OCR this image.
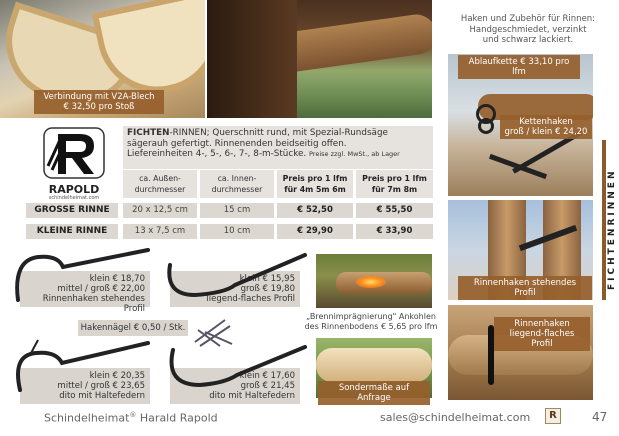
Verbindung mit V2A-Blech
€ 32,50 pro Stoß
Haken und Zubehör für Rinnen:
Handgeschmiedet, verzinkt
und schwarz lackiert.
Ablaufkette € 33,10 pro lfm
Kettenhaken
groß / klein € 24,20
FICHTENRINNEN
Rinnenhaken stehendes Profil
Rinnenhaken
liegend-flaches Profil
RAPOLD
schindelheimat.com
FICHTEN-RINNEN; Querschnitt rund, mit Spezial-Rundsäge
sägerauh gefertigt. Rinnenenden beidseitig offen.
Liefereinheiten 4-, 5-, 6-, 7-, 8-m-Stücke. Preise zzgl. MwSt., ab Lager
ca. Außen-
durchmesser
ca. Innen-
durchmesser
Preis pro 1 lfm
für 4m 5m 6m
Preis pro 1 lfm
für 7m 8m
GROSSE RINNE	20 x 12,5 cm	15 cm	€ 52,50	€ 55,50
KLEINE RINNE	13 x 7,5 cm	10 cm	€ 29,90	€ 33,90
klein € 18,70
mittel / groß € 22,00
Rinnenhaken stehendes Profil
klein € 15,95
groß € 19,80
liegend-flaches Profil
Hakennägel € 0,50 / Stk.
klein € 20,35
mittel / groß € 23,65
dito mit Haltefedern
klein € 17,60
groß € 21,45
dito mit Haltefedern
„Brennimprägnierung" Ankohlen
des Rinnenbodens € 5,65 pro lfm
Sondermaße auf Anfrage
Schindelheimat® Harald Rapold	sales@schindelheimat.com	R	47
